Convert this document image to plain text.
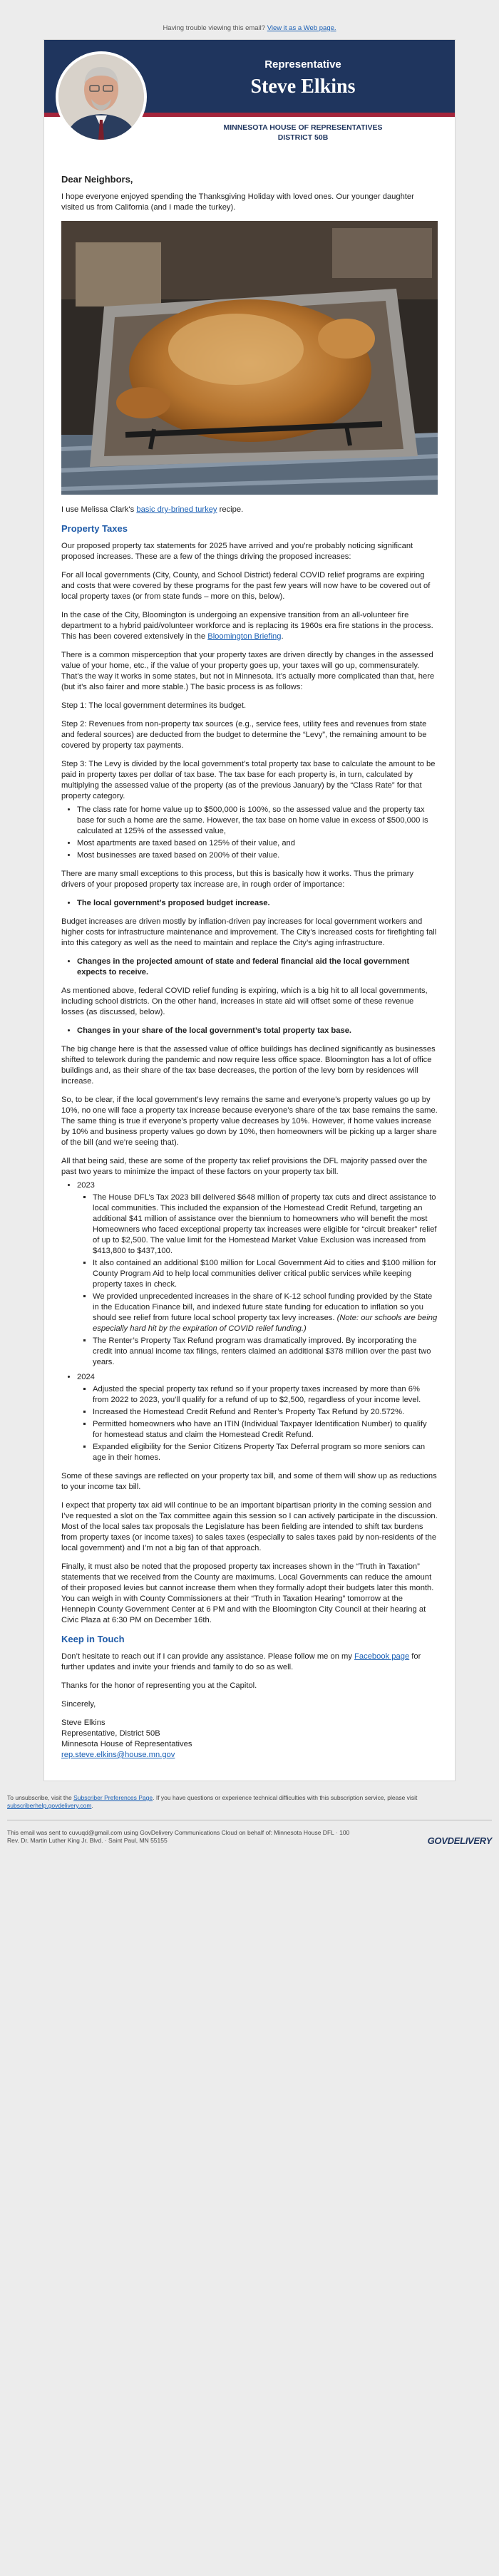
Having trouble viewing this email? View it as a Web page.
Representative
Steve Elkins
MINNESOTA HOUSE OF REPRESENTATIVES
DISTRICT 50B

Dear Neighbors,

I hope everyone enjoyed spending the Thanksgiving Holiday with loved ones. Our younger daughter visited us from California (and I made the turkey).

I use Melissa Clark's basic dry-brined turkey recipe.

Property Taxes

Our proposed property tax statements for 2025 have arrived and you’re probably noticing significant proposed increases. These are a few of the things driving the proposed increases:

For all local governments (City, County, and School District) federal COVID relief programs are expiring and costs that were covered by these programs for the past few years will now have to be covered out of local property taxes (or from state funds – more on this, below).

In the case of the City, Bloomington is undergoing an expensive transition from an all-volunteer fire department to a hybrid paid/volunteer workforce and is replacing its 1960s era fire stations in the process. This has been covered extensively in the Bloomington Briefing.

There is a common misperception that your property taxes are driven directly by changes in the assessed value of your home, etc., if the value of your property goes up, your taxes will go up, commensurately. That’s the way it works in some states, but not in Minnesota. It’s actually more complicated than that, here (but it’s also fairer and more stable.) The basic process is as follows:

Step 1: The local government determines its budget.

Step 2: Revenues from non-property tax sources (e.g., service fees, utility fees and revenues from state and federal sources) are deducted from the budget to determine the “Levy”, the remaining amount to be covered by property tax payments.

Step 3: The Levy is divided by the local government’s total property tax base to calculate the amount to be paid in property taxes per dollar of tax base. The tax base for each property is, in turn, calculated by multiplying the assessed value of the property (as of the previous January) by the “Class Rate” for that property category.

• The class rate for home value up to $500,000 is 100%, so the assessed value and the property tax base for such a home are the same. However, the tax base on home value in excess of $500,000 is calculated at 125% of the assessed value,
• Most apartments are taxed based on 125% of their value, and
• Most businesses are taxed based on 200% of their value.

There are many small exceptions to this process, but this is basically how it works. Thus the primary drivers of your proposed property tax increase are, in rough order of importance:

• The local government’s proposed budget increase.

Budget increases are driven mostly by inflation-driven pay increases for local government workers and higher costs for infrastructure maintenance and improvement. The City’s increased costs for firefighting fall into this category as well as the need to maintain and replace the City’s aging infrastructure.

• Changes in the projected amount of state and federal financial aid the local government expects to receive.

As mentioned above, federal COVID relief funding is expiring, which is a big hit to all local governments, including school districts. On the other hand, increases in state aid will offset some of these revenue losses (as discussed, below).

• Changes in your share of the local government’s total property tax base.

The big change here is that the assessed value of office buildings has declined significantly as businesses shifted to telework during the pandemic and now require less office space. Bloomington has a lot of office buildings and, as their share of the tax base decreases, the portion of the levy born by residences will increase.

So, to be clear, if the local government’s levy remains the same and everyone’s property values go up by 10%, no one will face a property tax increase because everyone’s share of the tax base remains the same. The same thing is true if everyone’s property value decreases by 10%. However, if home values increase by 10% and business property values go down by 10%, then homeowners will be picking up a larger share of the bill (and we’re seeing that).

All that being said, these are some of the property tax relief provisions the DFL majority passed over the past two years to minimize the impact of these factors on your property tax bill.

• 2023
▪ The House DFL’s Tax 2023 bill delivered $648 million of property tax cuts and direct assistance to local communities. This included the expansion of the Homestead Credit Refund, targeting an additional $41 million of assistance over the biennium to homeowners who will benefit the most Homeowners who faced exceptional property tax increases were eligible for “circuit breaker” relief of up to $2,500. The value limit for the Homestead Market Value Exclusion was increased from $413,800 to $437,100.
▪ It also contained an additional $100 million for Local Government Aid to cities and $100 million for County Program Aid to help local communities deliver critical public services while keeping property taxes in check.
▪ We provided unprecedented increases in the share of K-12 school funding provided by the State in the Education Finance bill, and indexed future state funding for education to inflation so you should see relief from future local school property tax levy increases. (Note: our schools are being especially hard hit by the expiration of COVID relief funding.)
▪ The Renter’s Property Tax Refund program was dramatically improved. By incorporating the credit into annual income tax filings, renters claimed an additional $378 million over the past two years.
• 2024
▪ Adjusted the special property tax refund so if your property taxes increased by more than 6% from 2022 to 2023, you’ll qualify for a refund of up to $2,500, regardless of your income level.
▪ Increased the Homestead Credit Refund and Renter’s Property Tax Refund by 20.572%.
▪ Permitted homeowners who have an ITIN (Individual Taxpayer Identification Number) to qualify for homestead status and claim the Homestead Credit Refund.
▪ Expanded eligibility for the Senior Citizens Property Tax Deferral program so more seniors can age in their homes.

Some of these savings are reflected on your property tax bill, and some of them will show up as reductions to your income tax bill.

I expect that property tax aid will continue to be an important bipartisan priority in the coming session and I’ve requested a slot on the Tax committee again this session so I can actively participate in the discussion. Most of the local sales tax proposals the Legislature has been fielding are intended to shift tax burdens from property taxes (or income taxes) to sales taxes (especially to sales taxes paid by non-residents of the local government) and I’m not a big fan of that approach.

Finally, it must also be noted that the proposed property tax increases shown in the “Truth in Taxation” statements that we received from the County are maximums. Local Governments can reduce the amount of their proposed levies but cannot increase them when they formally adopt their budgets later this month. You can weigh in with County Commissioners at their “Truth in Taxation Hearing” tomorrow at the Hennepin County Government Center at 6 PM and with the Bloomington City Council at their hearing at Civic Plaza at 6:30 PM on December 16th.

Keep in Touch

Don’t hesitate to reach out if I can provide any assistance. Please follow me on my Facebook page for further updates and invite your friends and family to do so as well.

Thanks for the honor of representing you at the Capitol.

Sincerely,

Steve Elkins
Representative, District 50B
Minnesota House of Representatives
rep.steve.elkins@house.mn.gov

To unsubscribe, visit the Subscriber Preferences Page. If you have questions or experience technical difficulties with this subscription service, please visit subscriberhelp.govdelivery.com.
This email was sent to cuvuqd@gmail.com using GovDelivery Communications Cloud on behalf of: Minnesota House DFL · 100
Rev. Dr. Martin Luther King Jr. Blvd. · Saint Paul, MN 55155	GOVDELIVERY
